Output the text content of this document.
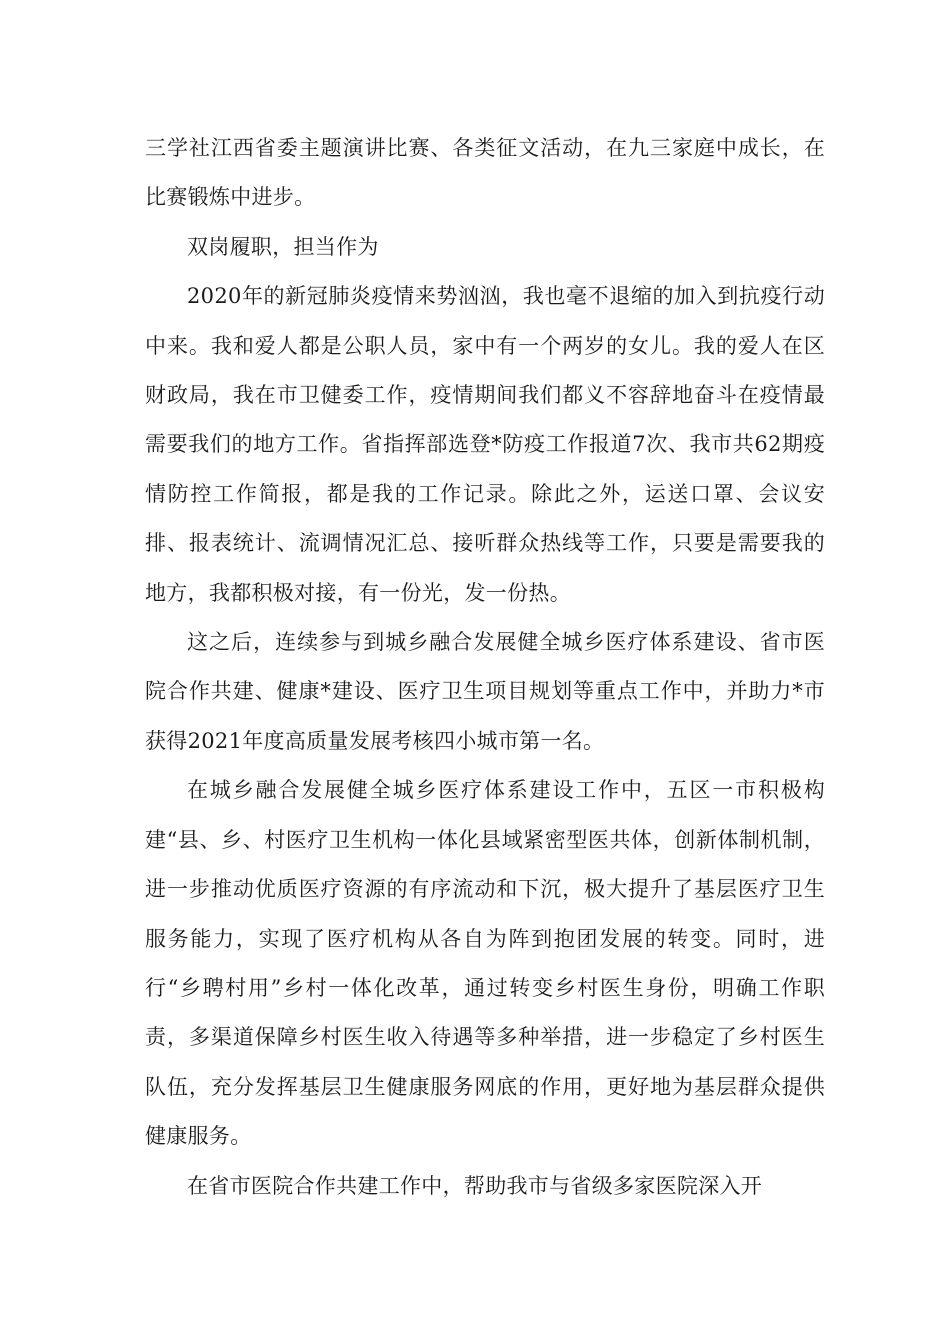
三学社江西省委主题演讲比赛、各类征文活动，在九三家庭中成长，在比赛锻炼中进步。

双岗履职，担当作为

2020年的新冠肺炎疫情来势汹汹，我也毫不退缩的加入到抗疫行动中来。我和爱人都是公职人员，家中有一个两岁的女儿。我的爱人在区财政局，我在市卫健委工作，疫情期间我们都义不容辞地奋斗在疫情最需要我们的地方工作。省指挥部选登*防疫工作报道7次、我市共62期疫情防控工作简报，都是我的工作记录。除此之外，运送口罩、会议安排、报表统计、流调情况汇总、接听群众热线等工作，只要是需要我的地方，我都积极对接，有一份光，发一份热。

这之后，连续参与到城乡融合发展健全城乡医疗体系建设、省市医院合作共建、健康*建设、医疗卫生项目规划等重点工作中，并助力*市获得2021年度高质量发展考核四小城市第一名。

在城乡融合发展健全城乡医疗体系建设工作中，五区一市积极构建“县、乡、村医疗卫生机构一体化县域紧密型医共体，创新体制机制，进一步推动优质医疗资源的有序流动和下沉，极大提升了基层医疗卫生服务能力，实现了医疗机构从各自为阵到抱团发展的转变。同时，进行“乡聘村用”乡村一体化改革，通过转变乡村医生身份，明确工作职责，多渠道保障乡村医生收入待遇等多种举措，进一步稳定了乡村医生队伍，充分发挥基层卫生健康服务网底的作用，更好地为基层群众提供健康服务。

在省市医院合作共建工作中，帮助我市与省级多家医院深入开
